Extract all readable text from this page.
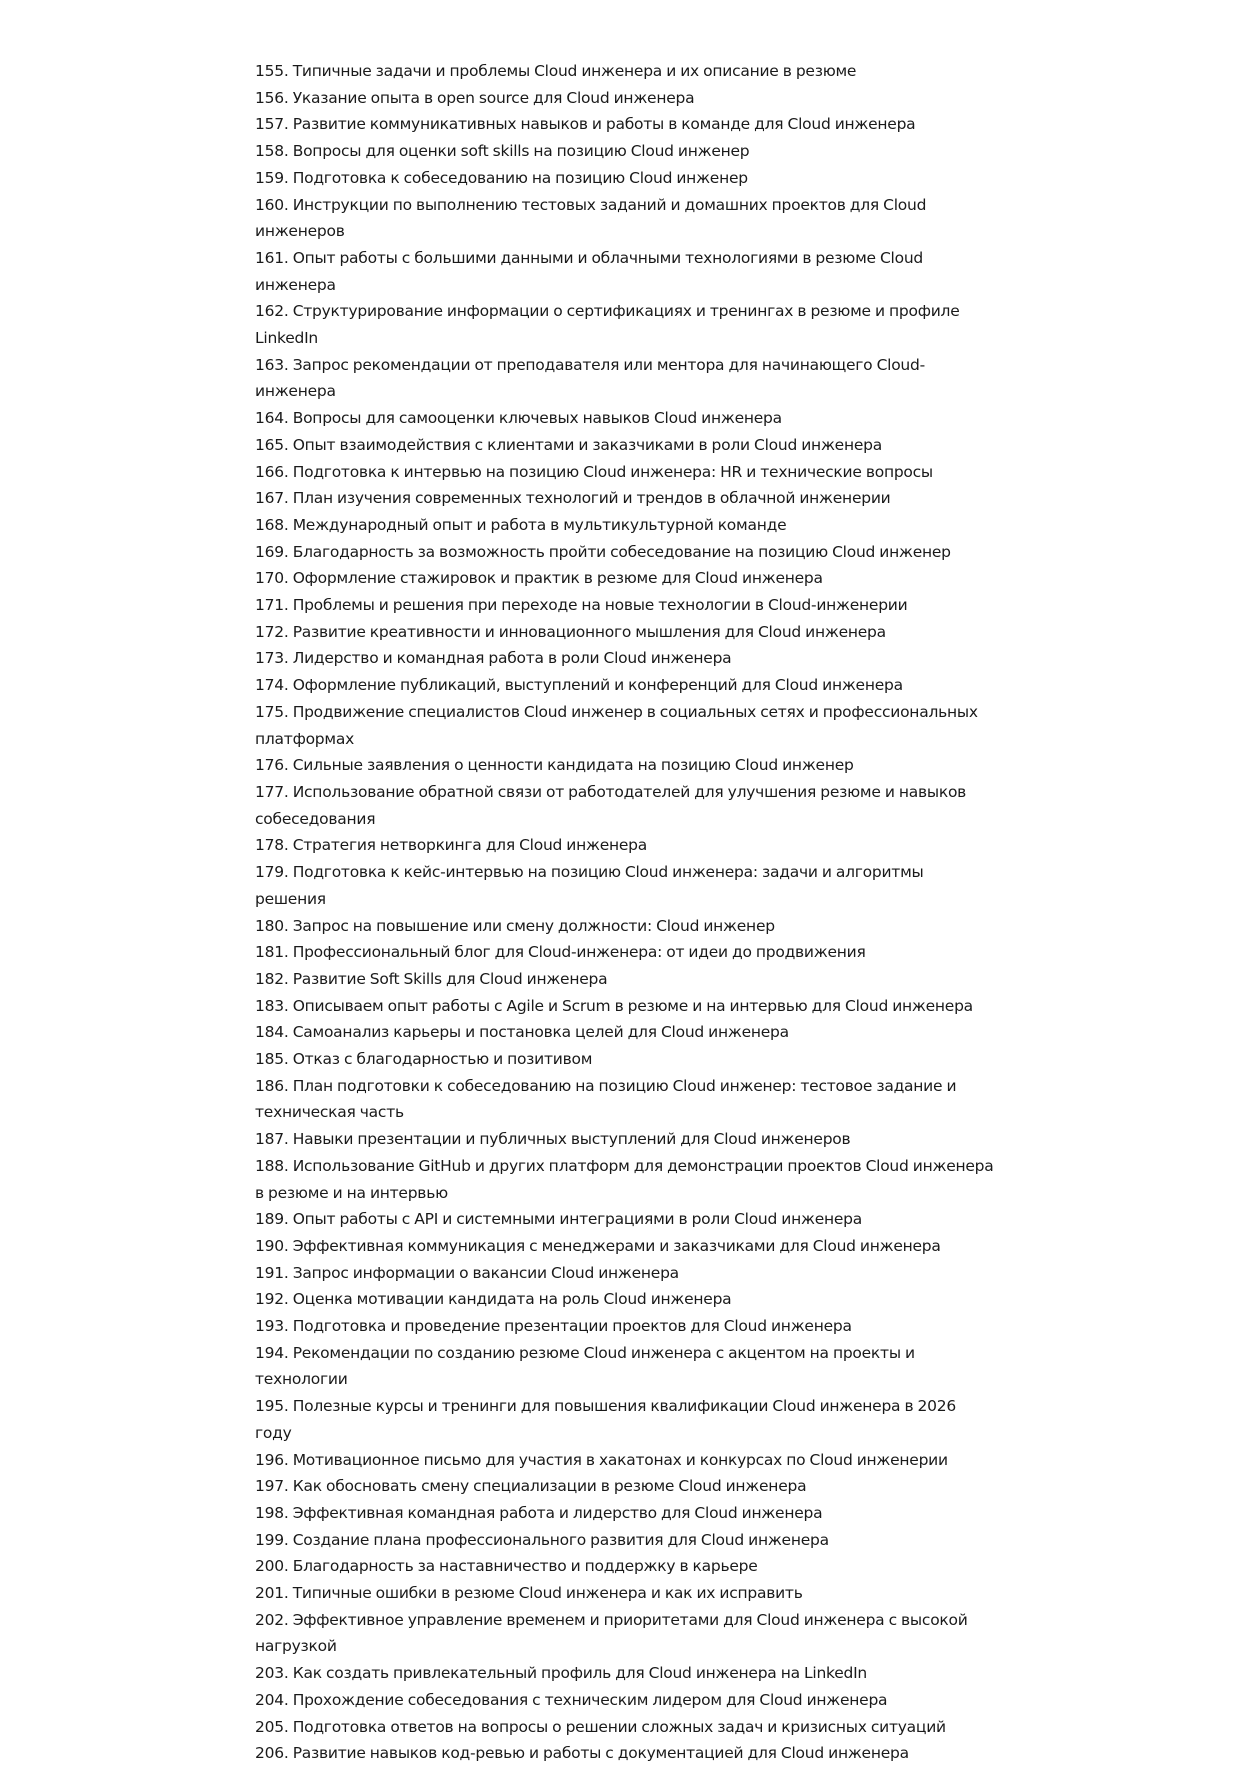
155. Типичные задачи и проблемы Cloud инженера и их описание в резюме
156. Указание опыта в open source для Cloud инженера
157. Развитие коммуникативных навыков и работы в команде для Cloud инженера
158. Вопросы для оценки soft skills на позицию Cloud инженер
159. Подготовка к собеседованию на позицию Cloud инженер
160. Инструкции по выполнению тестовых заданий и домашних проектов для Cloud инженеров
161. Опыт работы с большими данными и облачными технологиями в резюме Cloud инженера
162. Структурирование информации о сертификациях и тренингах в резюме и профиле LinkedIn
163. Запрос рекомендации от преподавателя или ментора для начинающего Cloud-инженера
164. Вопросы для самооценки ключевых навыков Cloud инженера
165. Опыт взаимодействия с клиентами и заказчиками в роли Cloud инженера
166. Подготовка к интервью на позицию Cloud инженера: HR и технические вопросы
167. План изучения современных технологий и трендов в облачной инженерии
168. Международный опыт и работа в мультикультурной команде
169. Благодарность за возможность пройти собеседование на позицию Cloud инженер
170. Оформление стажировок и практик в резюме для Cloud инженера
171. Проблемы и решения при переходе на новые технологии в Cloud-инженерии
172. Развитие креативности и инновационного мышления для Cloud инженера
173. Лидерство и командная работа в роли Cloud инженера
174. Оформление публикаций, выступлений и конференций для Cloud инженера
175. Продвижение специалистов Cloud инженер в социальных сетях и профессиональных платформах
176. Сильные заявления о ценности кандидата на позицию Cloud инженер
177. Использование обратной связи от работодателей для улучшения резюме и навыков собеседования
178. Стратегия нетворкинга для Cloud инженера
179. Подготовка к кейс-интервью на позицию Cloud инженера: задачи и алгоритмы решения
180. Запрос на повышение или смену должности: Cloud инженер
181. Профессиональный блог для Cloud-инженера: от идеи до продвижения
182. Развитие Soft Skills для Cloud инженера
183. Описываем опыт работы с Agile и Scrum в резюме и на интервью для Cloud инженера
184. Самоанализ карьеры и постановка целей для Cloud инженера
185. Отказ с благодарностью и позитивом
186. План подготовки к собеседованию на позицию Cloud инженер: тестовое задание и техническая часть
187. Навыки презентации и публичных выступлений для Cloud инженеров
188. Использование GitHub и других платформ для демонстрации проектов Cloud инженера в резюме и на интервью
189. Опыт работы с API и системными интеграциями в роли Cloud инженера
190. Эффективная коммуникация с менеджерами и заказчиками для Cloud инженера
191. Запрос информации о вакансии Cloud инженера
192. Оценка мотивации кандидата на роль Cloud инженера
193. Подготовка и проведение презентации проектов для Cloud инженера
194. Рекомендации по созданию резюме Cloud инженера с акцентом на проекты и технологии
195. Полезные курсы и тренинги для повышения квалификации Cloud инженера в 2026 году
196. Мотивационное письмо для участия в хакатонах и конкурсах по Cloud инженерии
197. Как обосновать смену специализации в резюме Cloud инженера
198. Эффективная командная работа и лидерство для Cloud инженера
199. Создание плана профессионального развития для Cloud инженера
200. Благодарность за наставничество и поддержку в карьере
201. Типичные ошибки в резюме Cloud инженера и как их исправить
202. Эффективное управление временем и приоритетами для Cloud инженера с высокой нагрузкой
203. Как создать привлекательный профиль для Cloud инженера на LinkedIn
204. Прохождение собеседования с техническим лидером для Cloud инженера
205. Подготовка ответов на вопросы о решении сложных задач и кризисных ситуаций
206. Развитие навыков код-ревью и работы с документацией для Cloud инженера
